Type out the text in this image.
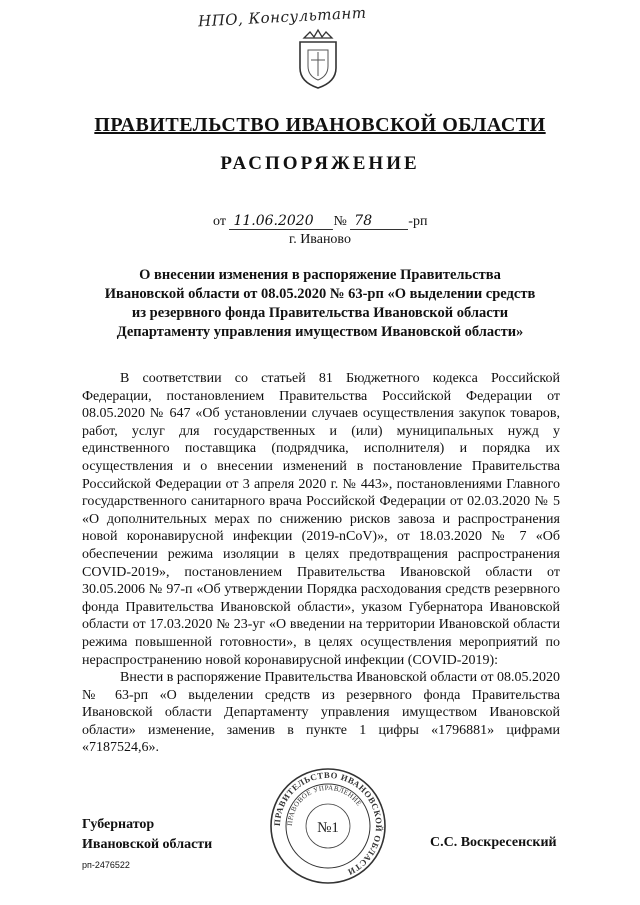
НПО, Консультант
ПРАВИТЕЛЬСТВО ИВАНОВСКОЙ ОБЛАСТИ
РАСПОРЯЖЕНИЕ
от 11.06.2020 № 78	-рп
г. Иваново
О внесении изменения в распоряжение Правительства
Ивановской области от 08.05.2020 № 63-рп «О выделении средств
из резервного фонда Правительства Ивановской области
Департаменту управления имуществом Ивановской области»

В соответствии со статьей 81 Бюджетного кодекса Российской Федерации, постановлением Правительства Российской Федерации от 08.05.2020 № 647 «Об установлении случаев осуществления закупок товаров, работ, услуг для государственных и (или) муниципальных нужд у единственного поставщика (подрядчика, исполнителя) и порядка их осуществления и о внесении изменений в постановление Правительства Российской Федерации от 3 апреля 2020 г. № 443», постановлениями Главного государственного санитарного врача Российской Федерации от 02.03.2020 № 5 «О дополнительных мерах по снижению рисков завоза и распространения новой коронавирусной инфекции (2019-nCoV)», от 18.03.2020 № 7 «Об обеспечении режима изоляции в целях предотвращения распространения COVID-2019», постановлением Правительства Ивановской области от 30.05.2006 № 97-п «Об утверждении Порядка расходования средств резервного фонда Правительства Ивановской области», указом Губернатора Ивановской области от 17.03.2020 № 23-уг «О введении на территории Ивановской области режима повышенной готовности», в целях осуществления мероприятий по нераспространению новой коронавирусной инфекции (COVID-2019):

Внести в распоряжение Правительства Ивановской области от 08.05.2020 № 63-рп «О выделении средств из резервного фонда Правительства Ивановской области Департаменту управления имуществом Ивановской области» изменение, заменив в пункте 1 цифры «1796881» цифрами «7187524,6».

Губернатор
Ивановской области	С.С. Воскресенский
рп-2476522
ПРАВИТЕЛЬСТВО ИВАНОВСКОЙ ОБЛАСТИ
ПРАВОВОЕ УПРАВЛЕНИЕ
№1
